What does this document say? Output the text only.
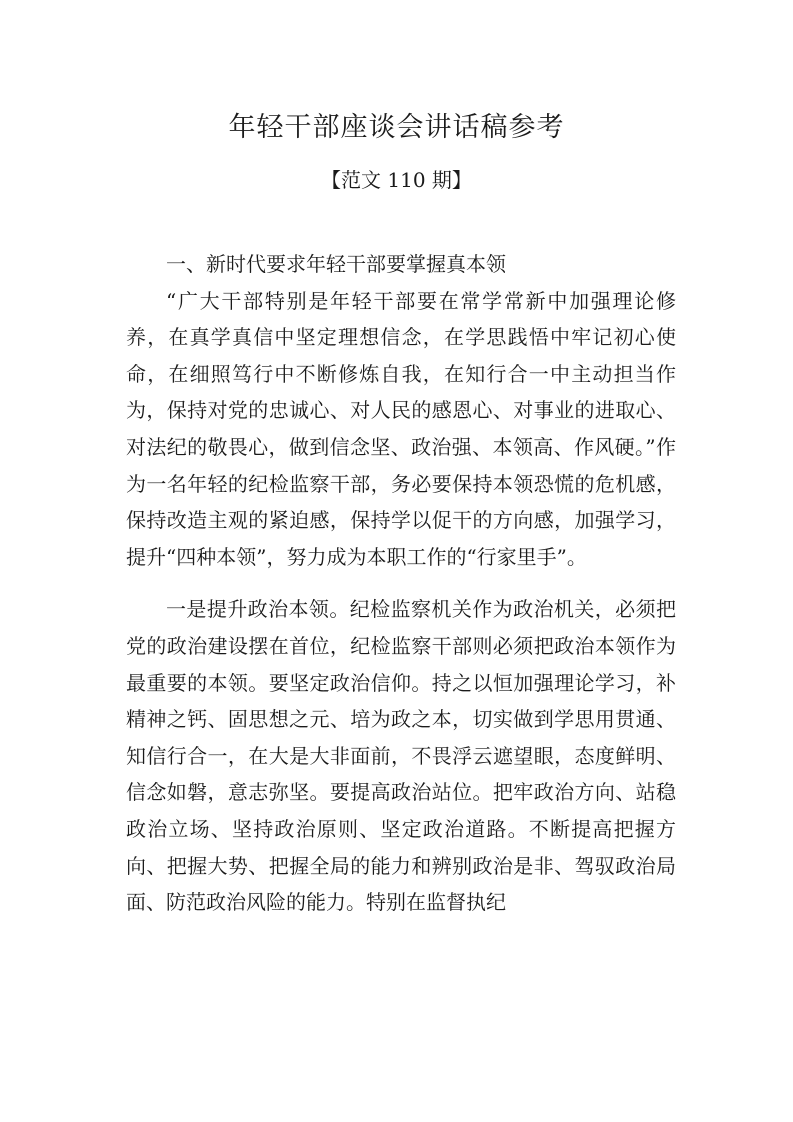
年轻干部座谈会讲话稿参考
【范文 110 期】

一、新时代要求年轻干部要掌握真本领

“广大干部特别是年轻干部要在常学常新中加强理论修养，在真学真信中坚定理想信念，在学思践悟中牢记初心使命，在细照笃行中不断修炼自我，在知行合一中主动担当作为，保持对党的忠诚心、对人民的感恩心、对事业的进取心、对法纪的敬畏心，做到信念坚、政治强、本领高、作风硬。”作为一名年轻的纪检监察干部，务必要保持本领恐慌的危机感，保持改造主观的紧迫感，保持学以促干的方向感，加强学习，提升“四种本领”，努力成为本职工作的“行家里手”。

一是提升政治本领。纪检监察机关作为政治机关，必须把党的政治建设摆在首位，纪检监察干部则必须把政治本领作为最重要的本领。要坚定政治信仰。持之以恒加强理论学习，补精神之钙、固思想之元、培为政之本，切实做到学思用贯通、知信行合一，在大是大非面前，不畏浮云遮望眼，态度鲜明、信念如磐，意志弥坚。要提高政治站位。把牢政治方向、站稳政治立场、坚持政治原则、坚定政治道路。不断提高把握方向、把握大势、把握全局的能力和辨别政治是非、驾驭政治局面、防范政治风险的能力。特别在监督执纪
